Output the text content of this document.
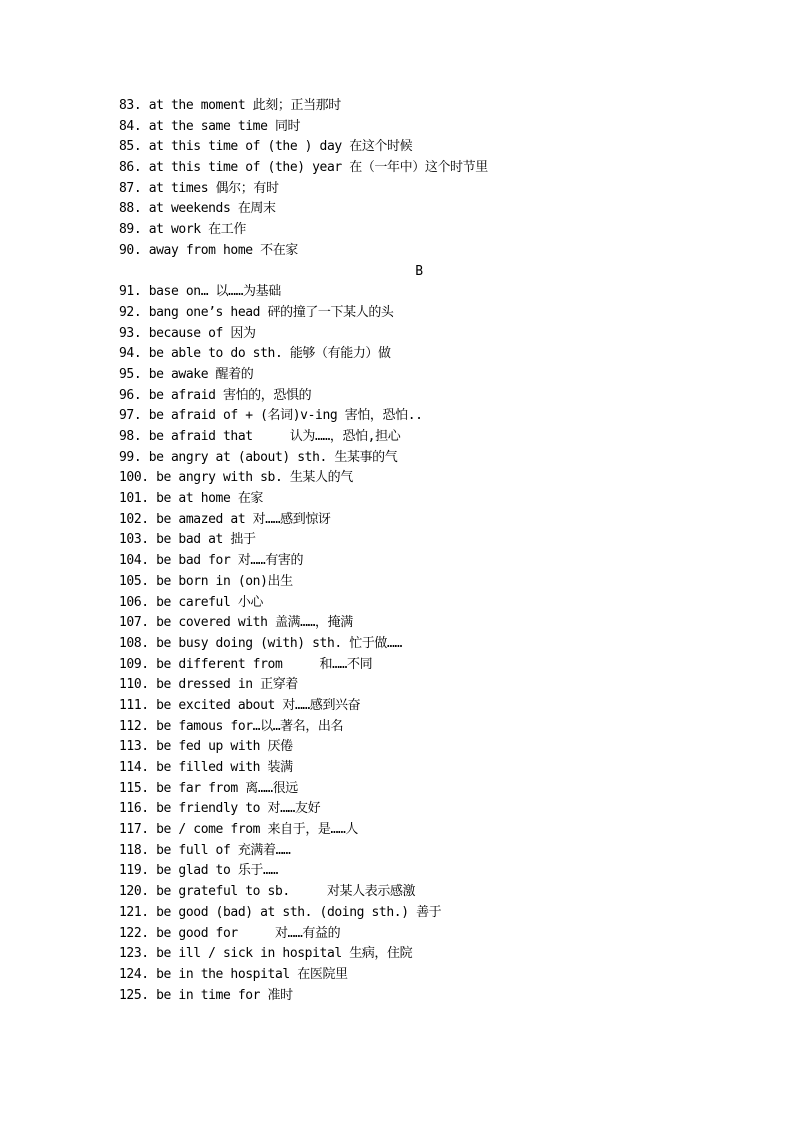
83. at the moment 此刻；正当那时
84. at the same time 同时
85. at this time of (the ) day 在这个时候
86. at this time of (the) year 在（一年中）这个时节里
87. at times 偶尔；有时
88. at weekends 在周末
89. at work 在工作
90. away from home 不在家
B
91. base on… 以……为基础
92. bang one’s head 砰的撞了一下某人的头
93. because of 因为
94. be able to do sth. 能够（有能力）做
95. be awake 醒着的
96. be afraid 害怕的，恐惧的
97. be afraid of + (名词)v-ing 害怕，恐怕..
98. be afraid that     认为……，恐怕,担心
99. be angry at (about) sth. 生某事的气
100. be angry with sb. 生某人的气
101. be at home 在家
102. be amazed at 对……感到惊讶
103. be bad at 拙于
104. be bad for 对……有害的
105. be born in (on)出生
106. be careful 小心
107. be covered with 盖满……，掩满
108. be busy doing (with) sth. 忙于做……
109. be different from     和……不同
110. be dressed in 正穿着
111. be excited about 对……感到兴奋
112. be famous for…以…著名，出名
113. be fed up with 厌倦
114. be filled with 装满
115. be far from 离……很远
116. be friendly to 对……友好
117. be / come from 来自于，是……人
118. be full of 充满着……
119. be glad to 乐于……
120. be grateful to sb.     对某人表示感激
121. be good (bad) at sth. (doing sth.) 善于
122. be good for     对……有益的
123. be ill / sick in hospital 生病，住院
124. be in the hospital 在医院里
125. be in time for 准时
